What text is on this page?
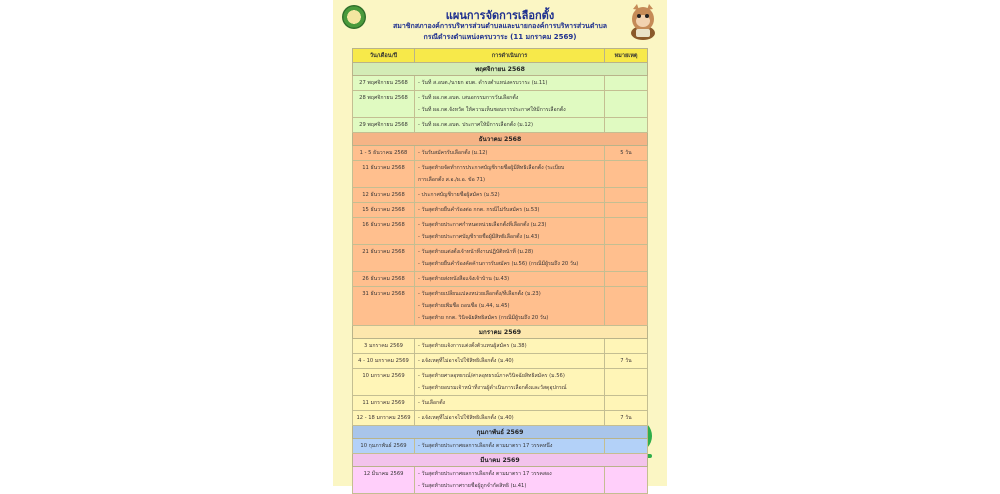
แผนการจัดการเลือกตั้ง
สมาชิกสภาองค์การบริหารส่วนตำบลและนายกองค์การบริหารส่วนตำบล
กรณีดำรงตำแหน่งครบวาระ (11 มกราคม 2569)
วัน/เดือน/ปี	การดำเนินการ	หมายเหตุ
พฤศจิกายน 2568
27 พฤศจิกายน 2568	- วันที่ ส.อบต./นายก อบต. ดำรงตำแหน่งครบวาระ (ม.11)
28 พฤศจิกายน 2568	- วันที่ ผอ.กต.อบต. เสนอกรรมการวันเลือกตั้ง
- วันที่ ผอ.กต.จังหวัด ให้ความเห็นชอบการประกาศให้มีการเลือกตั้ง
29 พฤศจิกายน 2568	- วันที่ ผอ.กต.อบต. ประกาศให้มีการเลือกตั้ง (ม.12)
ธันวาคม 2568
1 - 5 ธันวาคม 2568	- วันรับสมัครรับเลือกตั้ง (ม.12)	5 วัน
11 ธันวาคม 2568	- วันสุดท้ายจัดทำการประกาศบัญชีรายชื่อผู้มีสิทธิเลือกตั้ง (ระเบียบ
การเลือกตั้ง ส.อ./ผ.อ. ข้อ 71)
12 ธันวาคม 2568	- ประกาศบัญชีรายชื่อผู้สมัคร (ม.52)
15 ธันวาคม 2568	- วันสุดท้ายยื่นคำร้องต่อ กกต. กรณีไม่รับสมัคร (ม.53)
16 ธันวาคม 2568	- วันสุดท้ายประกาศกำหนดหน่วยเลือกตั้งที่เลือกตั้ง (ม.23)
- วันสุดท้ายประกาศบัญชีรายชื่อผู้มีสิทธิเลือกตั้ง (ม.43)
21 ธันวาคม 2568	- วันสุดท้ายแต่งตั้งเจ้าหน้าที่งานปฏิบัติหน้าที่ (ม.28)
- วันสุดท้ายยื่นคำร้องคัดค้านการรับสมัคร (ม.56) (กรณีมีผู้รมถึง 20 วัน)
26 ธันวาคม 2568	- วันสุดท้ายส่งหนังสือแจ้งเจ้าบ้าน (ม.43)
31 ธันวาคม 2568	- วันสุดท้ายเปลี่ยนแปลงหน่วยเลือกตั้ง/ที่เลือกตั้ง (ม.23)
- วันสุดท้ายเพิ่มชื่อ ถอนชื่อ (ม.44, ม.45)
- วันสุดท้าย กกต. วินิจฉัยสิทธิสมัคร (กรณีมีผู้รมถึง 20 วัน)
มกราคม 2569
3 มกราคม 2569	- วันสุดท้ายแจ้งการแต่งตั้งตัวแทนผู้สมัคร (ม.38)
4 - 10 มกราคม 2569	- แจ้งเหตุที่ไม่อาจไปใช้สิทธิเลือกตั้ง (ม.40)	7 วัน
10 มกราคม 2569	- วันสุดท้ายศาลอุทธรณ์/ศาลอุทธรณ์ภาควินิจฉัยสิทธิสมัคร (ม.56)
- วันสุดท้ายอบรมเจ้าหน้าที่งานผู้ดำเนินการเลือกตั้งและวัสดุอุปกรณ์
11 มกราคม 2569	- วันเลือกตั้ง
12 - 18 มกราคม 2569	- แจ้งเหตุที่ไม่อาจไปใช้สิทธิเลือกตั้ง (ม.40)	7 วัน
กุมภาพันธ์ 2569
10 กุมภาพันธ์ 2569	- วันสุดท้ายประกาศผลการเลือกตั้ง ตามมาตรา 17 วรรคหนึ่ง
มีนาคม 2569
12 มีนาคม 2569	- วันสุดท้ายประกาศผลการเลือกตั้ง ตามมาตรา 17 วรรคสอง
- วันสุดท้ายประกาศรายชื่อผู้ถูกจำกัดสิทธิ (ม.41)
